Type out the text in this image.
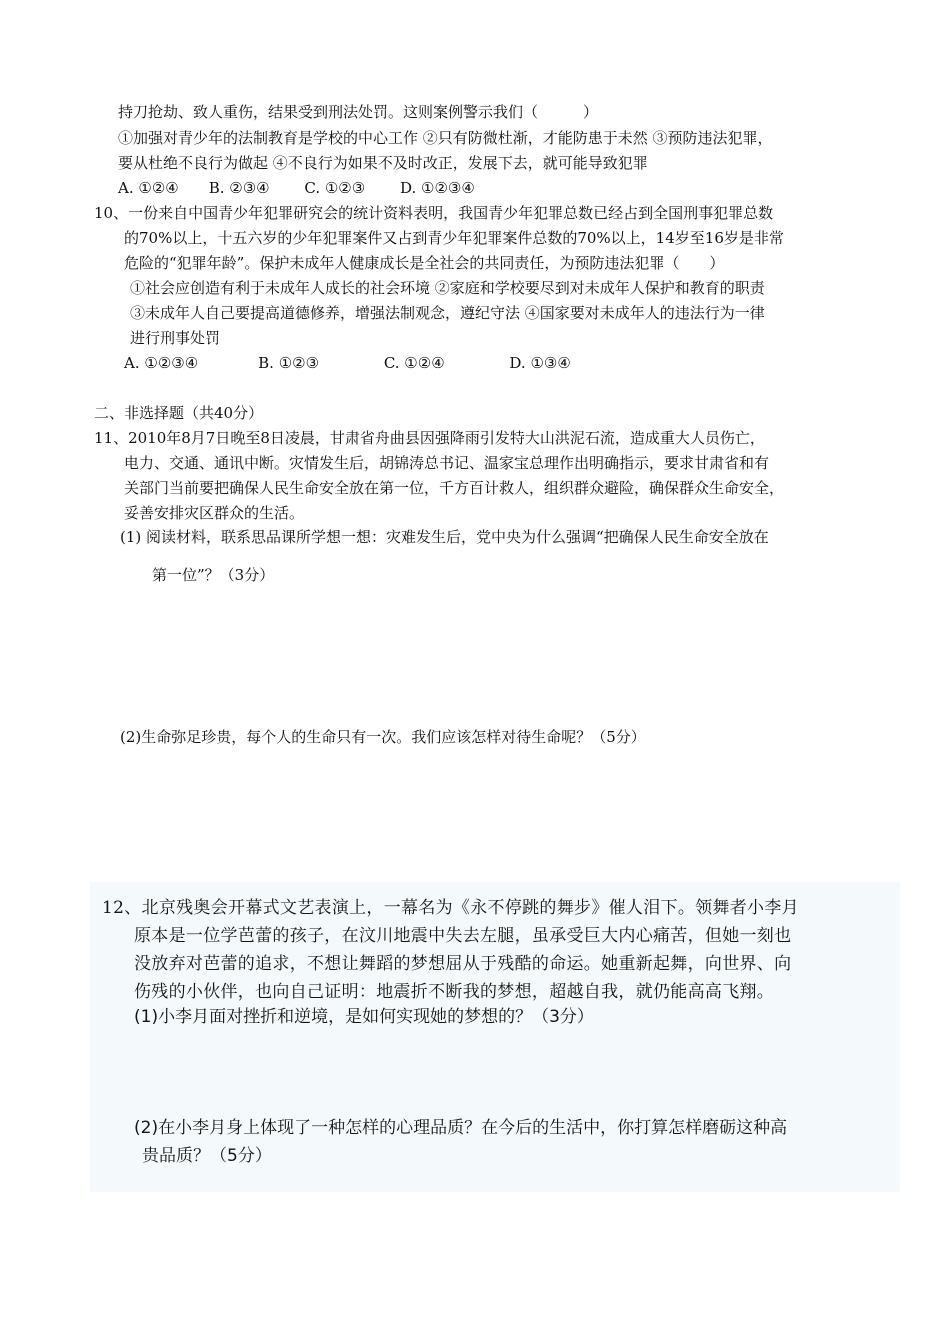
持刀抢劫、致人重伤，结果受到刑法处罚。这则案例警示我们（　　　）
①加强对青少年的法制教育是学校的中心工作 ②只有防微杜渐，才能防患于未然 ③预防违法犯罪，
要从杜绝不良行为做起 ④不良行为如果不及时改正，发展下去，就可能导致犯罪
A. ①②④　　B. ②③④　　 C. ①②③　　 D. ①②③④
10、一份来自中国青少年犯罪研究会的统计资料表明，我国青少年犯罪总数已经占到全国刑事犯罪总数
的70%以上，十五六岁的少年犯罪案件又占到青少年犯罪案件总数的70%以上，14岁至16岁是非常
危险的“犯罪年龄”。保护未成年人健康成长是全社会的共同责任，为预防违法犯罪（　　）
①社会应创造有利于未成年人成长的社会环境 ②家庭和学校要尽到对未成年人保护和教育的职责
③未成年人自己要提高道德修养，增强法制观念，遵纪守法 ④国家要对未成年人的违法行为一律
进行刑事处罚
A. ①②③④　　　　B. ①②③　　　　 C. ①②④　　　　 D. ①③④
二、非选择题（共40分）
11、2010年8月7日晚至8日凌晨，甘肃省舟曲县因强降雨引发特大山洪泥石流，造成重大人员伤亡，
电力、交通、通讯中断。灾情发生后，胡锦涛总书记、温家宝总理作出明确指示，要求甘肃省和有
关部门当前要把确保人民生命安全放在第一位，千方百计救人，组织群众避险，确保群众生命安全，
妥善安排灾区群众的生活。
(1) 阅读材料，联系思品课所学想一想：灾难发生后，党中央为什么强调“把确保人民生命安全放在
第一位”？（3分）
(2)生命弥足珍贵，每个人的生命只有一次。我们应该怎样对待生命呢？（5分）
12、北京残奥会开幕式文艺表演上，一幕名为《永不停跳的舞步》催人泪下。领舞者小李月
原本是一位学芭蕾的孩子，在汶川地震中失去左腿，虽承受巨大内心痛苦，但她一刻也
没放弃对芭蕾的追求，不想让舞蹈的梦想屈从于残酷的命运。她重新起舞，向世界、向
伤残的小伙伴，也向自己证明：地震折不断我的梦想，超越自我，就仍能高高飞翔。
(1)小李月面对挫折和逆境，是如何实现她的梦想的？（3分）
(2)在小李月身上体现了一种怎样的心理品质？在今后的生活中，你打算怎样磨砺这种高
贵品质？（5分）
